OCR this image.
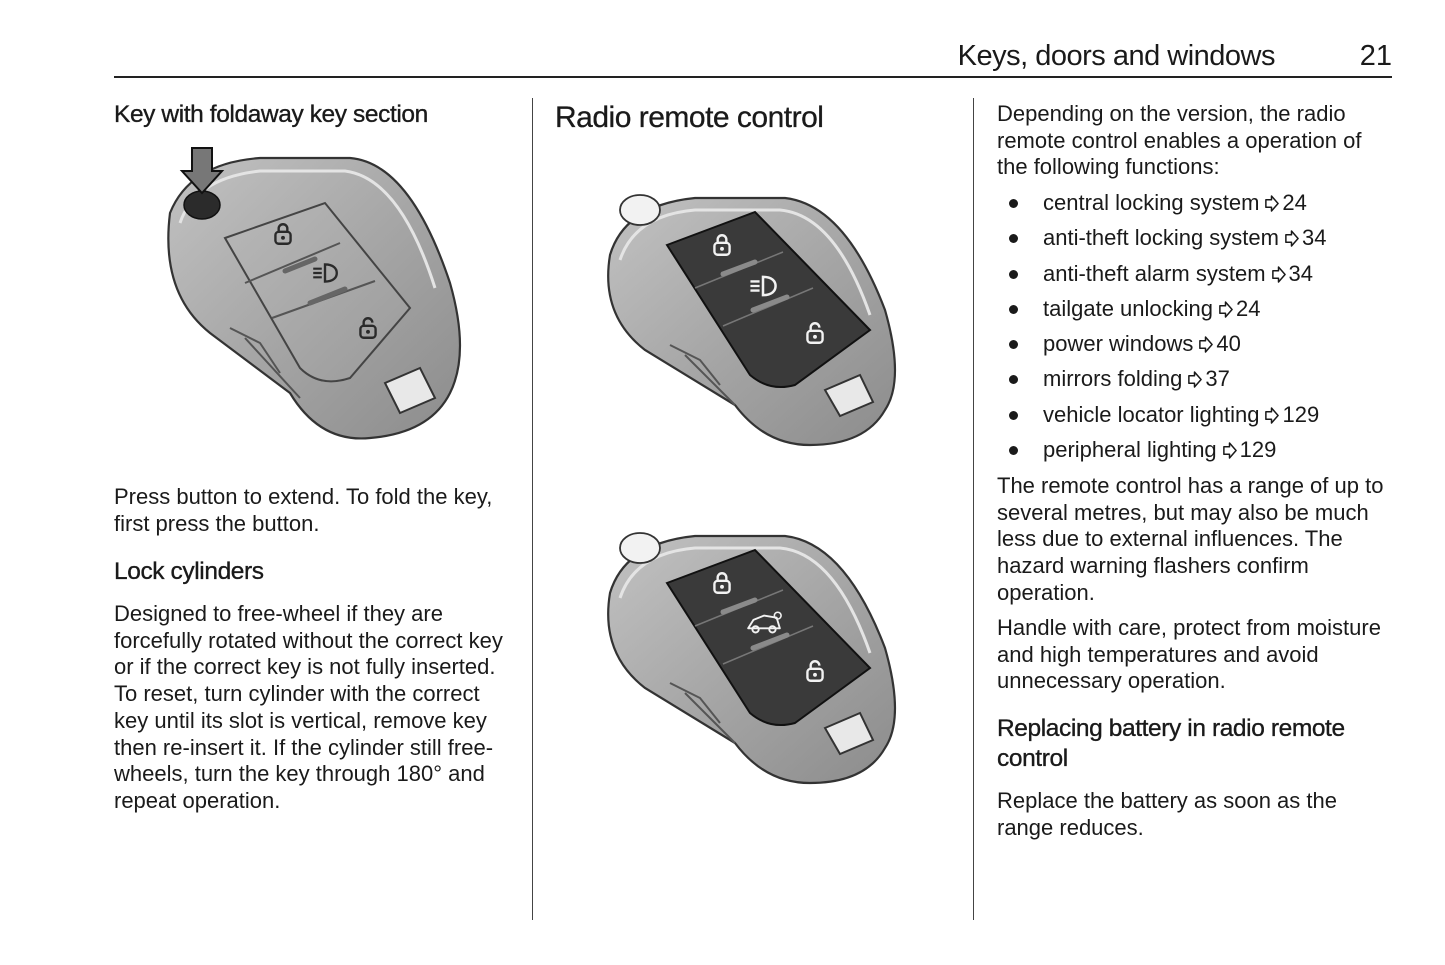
Keys, doors and windows	21
Key with foldaway key section

Press button to extend. To fold the key, first press the button.

Lock cylinders

Designed to free-wheel if they are forcefully rotated without the correct key or if the correct key is not fully inserted. To reset, turn cylinder with the correct key until its slot is vertical, remove key then re-insert it. If the cylinder still free-wheels, turn the key through 180° and repeat operation.

Radio remote control	Depending on the version, the radio remote control enables a operation of the following functions:

central locking system 24
anti-theft locking system 34
anti-theft alarm system 34
tailgate unlocking 24
power windows 40
mirrors folding 37
vehicle locator lighting 129
peripheral lighting 129

The remote control has a range of up to several metres, but may also be much less due to external influences. The hazard warning flashers confirm operation.

Handle with care, protect from moisture and high temperatures and avoid unnecessary operation.

Replacing battery in radio remote control

Replace the battery as soon as the range reduces.
